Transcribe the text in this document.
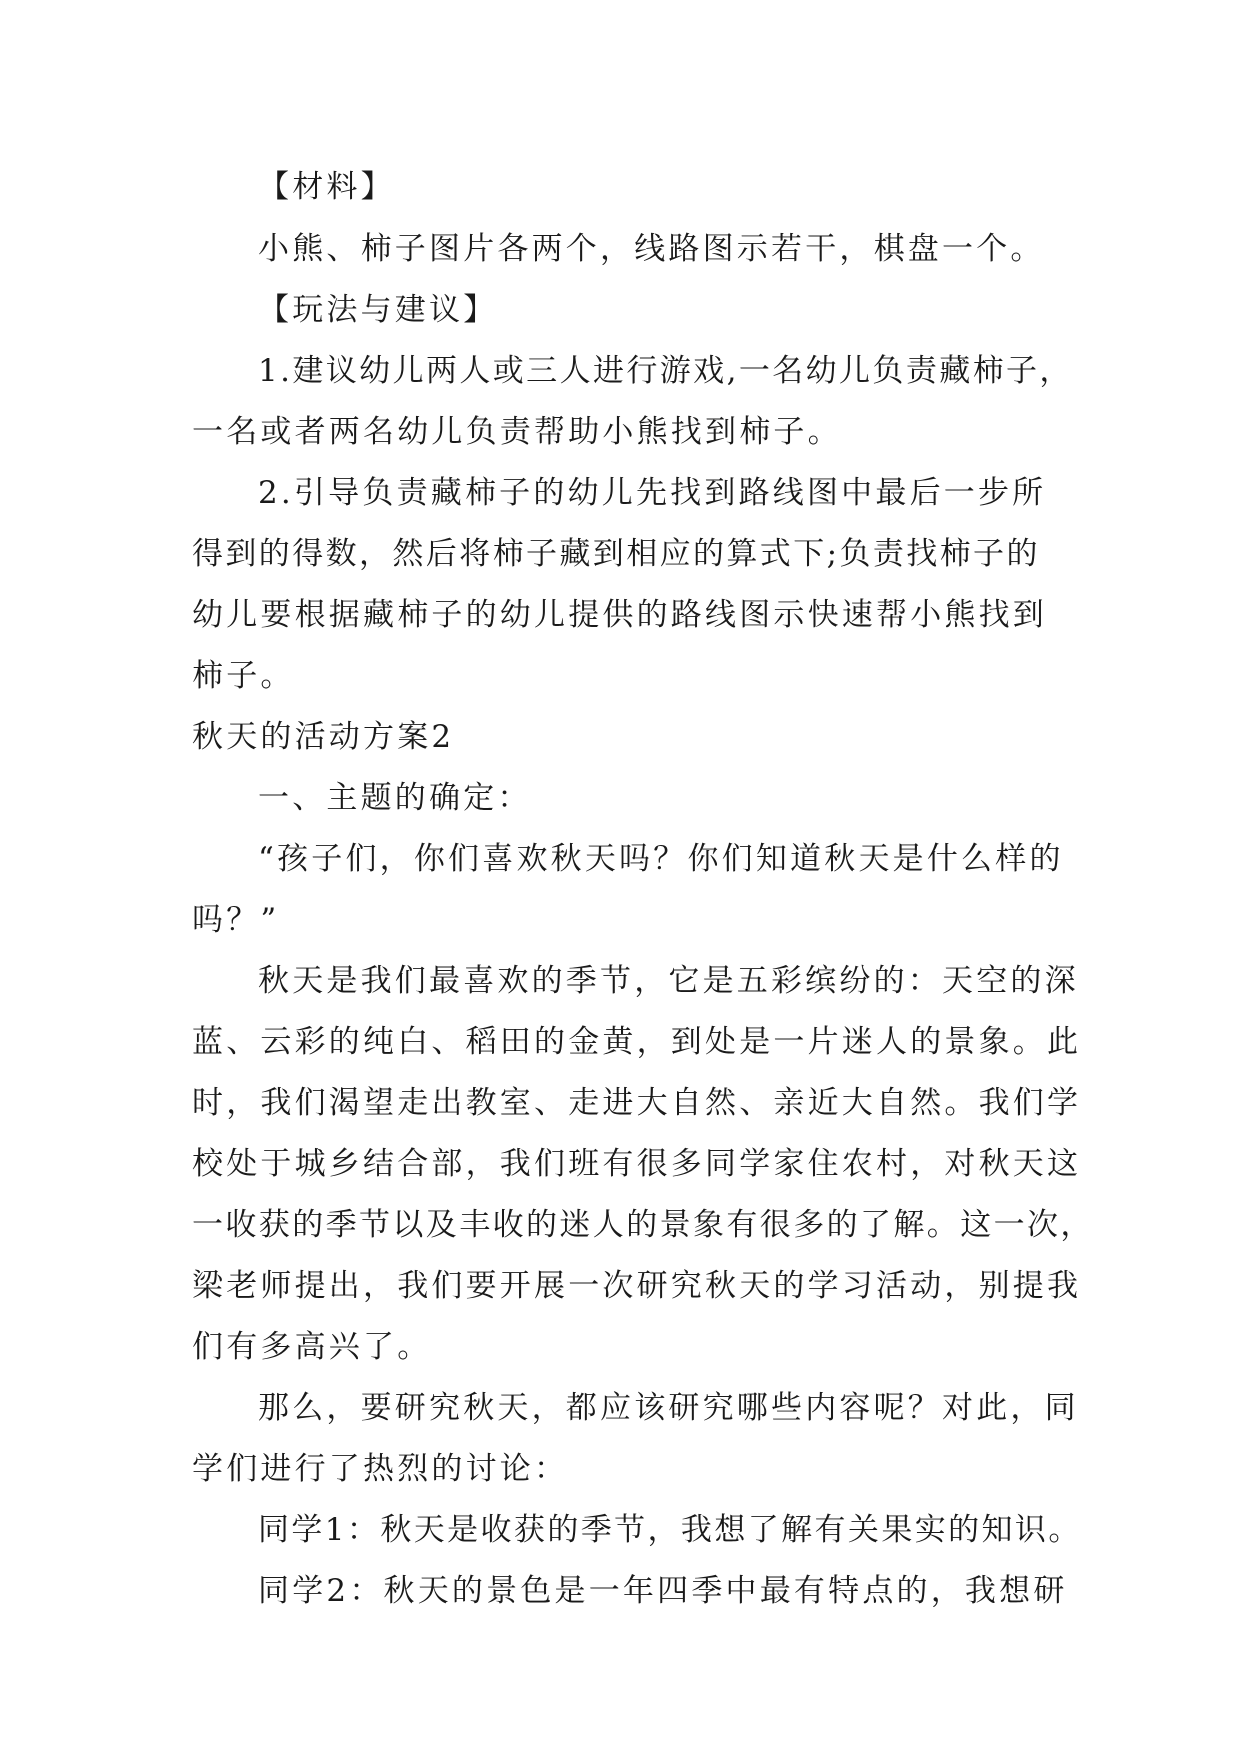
【材料】
小熊、柿子图片各两个，线路图示若干，棋盘一个。
【玩法与建议】
1.建议幼儿两人或三人进行游戏,一名幼儿负责藏柿子，
一名或者两名幼儿负责帮助小熊找到柿子。
2.引导负责藏柿子的幼儿先找到路线图中最后一步所
得到的得数，然后将柿子藏到相应的算式下;负责找柿子的
幼儿要根据藏柿子的幼儿提供的路线图示快速帮小熊找到
柿子。
秋天的活动方案2
一、主题的确定：
“孩子们，你们喜欢秋天吗？你们知道秋天是什么样的
吗？”
秋天是我们最喜欢的季节，它是五彩缤纷的：天空的深
蓝、云彩的纯白、稻田的金黄，到处是一片迷人的景象。此
时，我们渴望走出教室、走进大自然、亲近大自然。我们学
校处于城乡结合部，我们班有很多同学家住农村，对秋天这
一收获的季节以及丰收的迷人的景象有很多的了解。这一次，
梁老师提出，我们要开展一次研究秋天的学习活动，别提我
们有多高兴了。
那么，要研究秋天，都应该研究哪些内容呢？对此，同
学们进行了热烈的讨论：
同学1：秋天是收获的季节，我想了解有关果实的知识。
同学2：秋天的景色是一年四季中最有特点的，我想研
